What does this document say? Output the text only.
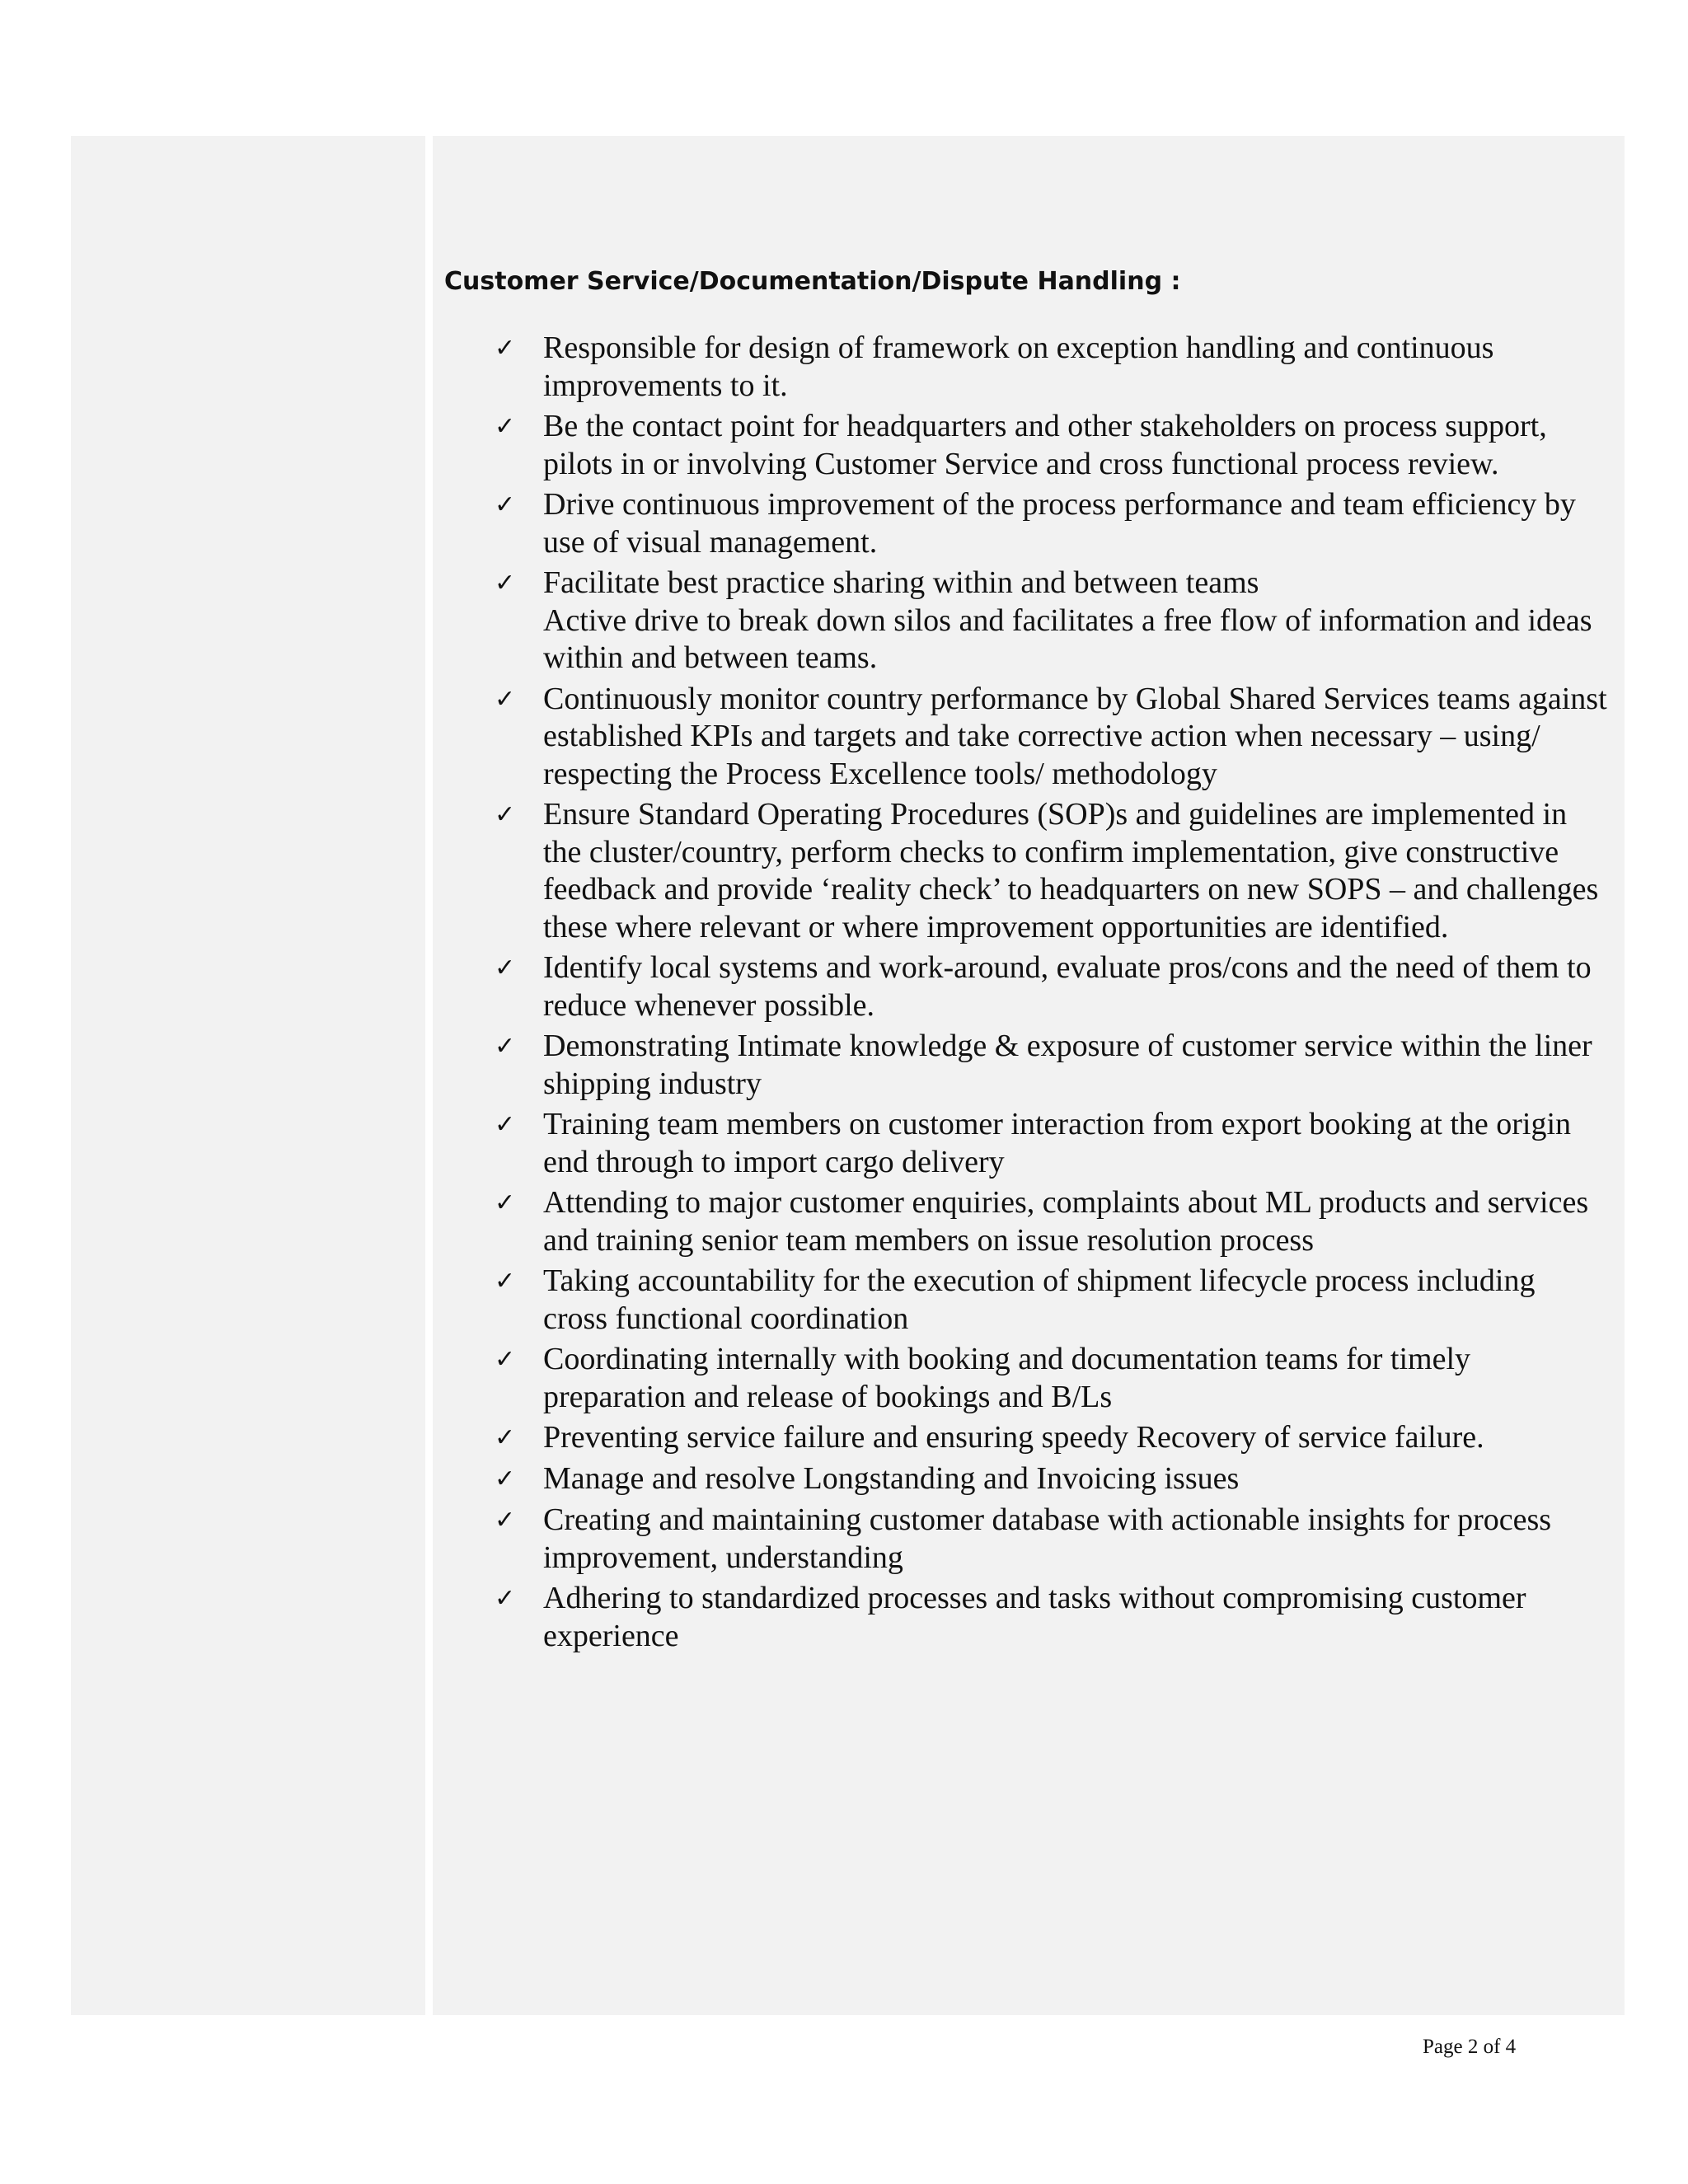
Customer Service/Documentation/Dispute Handling :
✓ Responsible for design of framework on exception handling and continuous improvements to it.
✓ Be the contact point for headquarters and other stakeholders on process support, pilots in or involving Customer Service and cross functional process review.
✓ Drive continuous improvement of the process performance and team efficiency by use of visual management.
✓ Facilitate best practice sharing within and between teams
Active drive to break down silos and facilitates a free flow of information and ideas within and between teams.
✓ Continuously monitor country performance by Global Shared Services teams against established KPIs and targets and take corrective action when necessary – using/ respecting the Process Excellence tools/ methodology
✓ Ensure Standard Operating Procedures (SOP)s and guidelines are implemented in the cluster/country, perform checks to confirm implementation, give constructive feedback and provide ‘reality check’ to headquarters on new SOPS – and challenges these where relevant or where improvement opportunities are identified.
✓ Identify local systems and work-around, evaluate pros/cons and the need of them to reduce whenever possible.
✓ Demonstrating Intimate knowledge & exposure of customer service within the liner shipping industry
✓ Training team members on customer interaction from export booking at the origin end through to import cargo delivery
✓ Attending to major customer enquiries, complaints about ML products and services and training senior team members on issue resolution process
✓ Taking accountability for the execution of shipment lifecycle process including cross functional coordination
✓ Coordinating internally with booking and documentation teams for timely preparation and release of bookings and B/Ls
✓ Preventing service failure and ensuring speedy Recovery of service failure.
✓ Manage and resolve Longstanding and Invoicing issues
✓ Creating and maintaining customer database with actionable insights for process improvement, understanding
✓ Adhering to standardized processes and tasks without compromising customer experience
Page 2 of 4
